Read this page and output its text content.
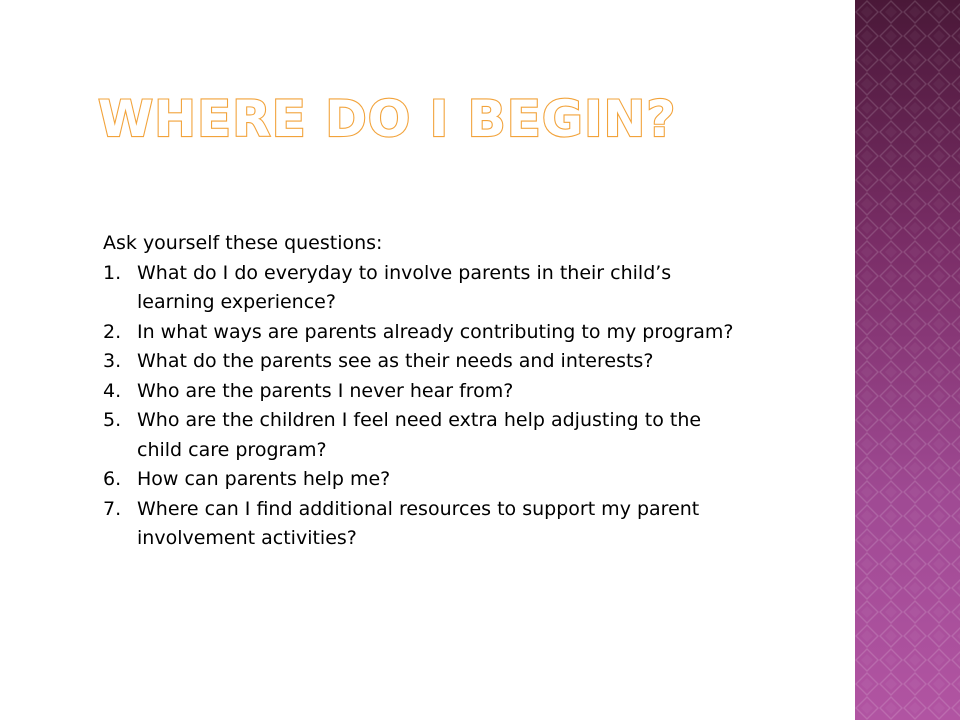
WHERE DO I BEGIN?

Ask yourself these questions:

1. What do I do everyday to involve parents in their child’s learning experience?
2. In what ways are parents already contributing to my program?
3. What do the parents see as their needs and interests?
4. Who are the parents I never hear from?
5. Who are the children I feel need extra help adjusting to the child care program?
6. How can parents help me?
7. Where can I find additional resources to support my parent involvement activities?
